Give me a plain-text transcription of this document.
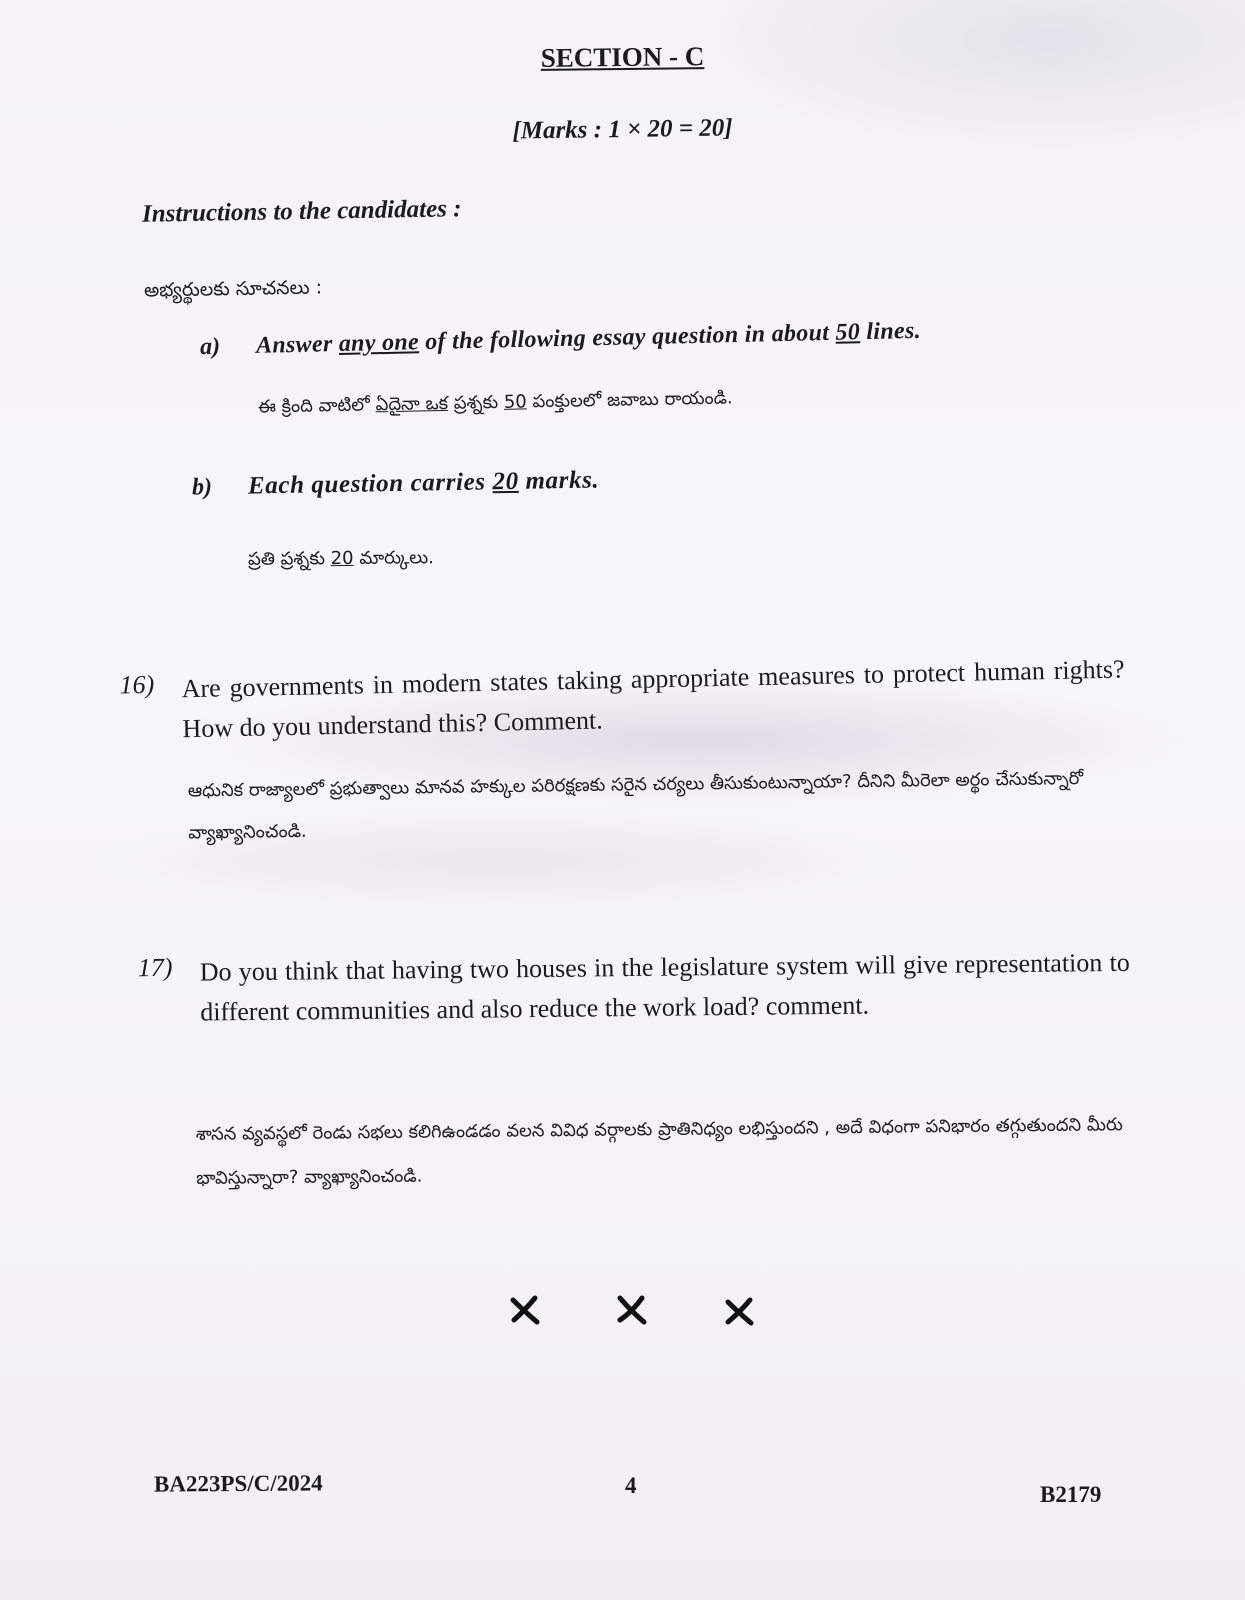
SECTION - C
[Marks : 1 × 20 = 20]
Instructions to the candidates :
అభ్యర్థులకు సూచనలు :
a)	Answer any one of the following essay question in about 50 lines.
ఈ క్రింది వాటిలో ఏదైనా ఒక ప్రశ్నకు 50 పంక్తులలో జవాబు రాయండి.
b)	Each question carries 20 marks.
ప్రతి ప్రశ్నకు 20 మార్కులు.
16)	Are governments in modern states taking appropriate measures to protect human rights? How do you understand this? Comment.
ఆధునిక రాజ్యాలలో ప్రభుత్వాలు మానవ హక్కుల పరిరక్షణకు సరైన చర్యలు తీసుకుంటున్నాయా? దీనిని మీరెలా అర్థం చేసుకున్నారో వ్యాఖ్యానించండి.
17)	Do you think that having two houses in the legislature system will give representation to different communities and also reduce the work load? comment.
శాసన వ్యవస్థలో రెండు సభలు కలిగిఉండడం వలన వివిధ వర్గాలకు ప్రాతినిధ్యం లభిస్తుందని , అదే విధంగా పనిభారం తగ్గుతుందని మీరు భావిస్తున్నారా? వ్యాఖ్యానించండి.
BA223PS/C/2024	4	B2179
